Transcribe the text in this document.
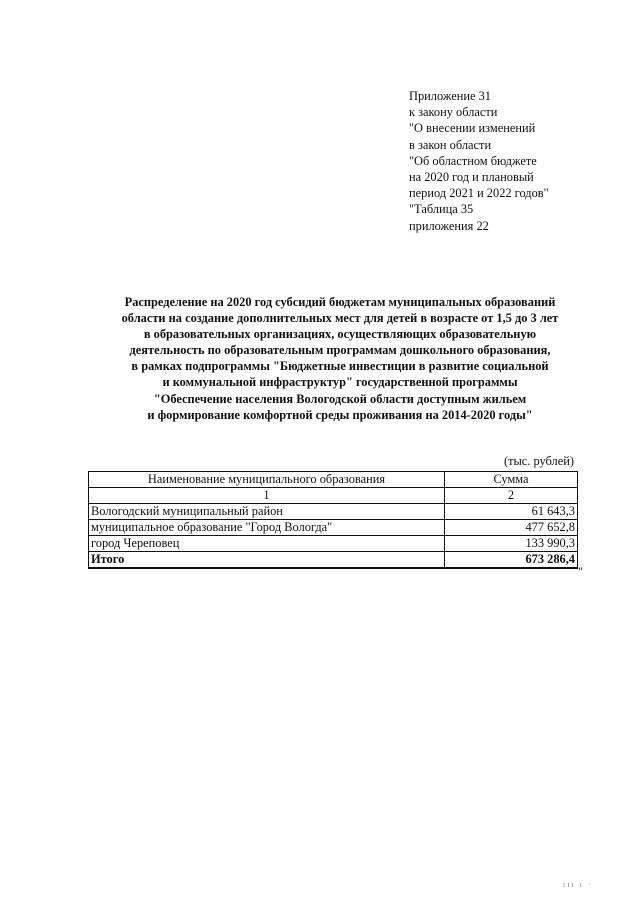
Приложение 31
к закону области
"О внесении изменений
в закон области
"Об областном бюджете
на 2020 год и плановый
период 2021 и 2022 годов"
"Таблица 35
приложения 22
Распределение на 2020 год субсидий бюджетам муниципальных образований
области на создание дополнительных мест для детей в возрасте от 1,5 до 3 лет
в образовательных организациях, осуществляющих образовательную
деятельность по образовательным программам дошкольного образования,
в рамках подпрограммы "Бюджетные инвестиции в развитие социальной
и коммунальной инфраструктур" государственной программы
"Обеспечение населения Вологодской области доступным жильем
и формирование комфортной среды проживания на 2014-2020 годы"
(тыс. рублей)
Наименование муниципального образования	Сумма
1	2
Вологодский муниципальный район	61 643,3
муниципальное образование "Город Вологда"	477 652,8
город Череповец	133 990,3
Итого	673 286,4
"
ııı ı ·
